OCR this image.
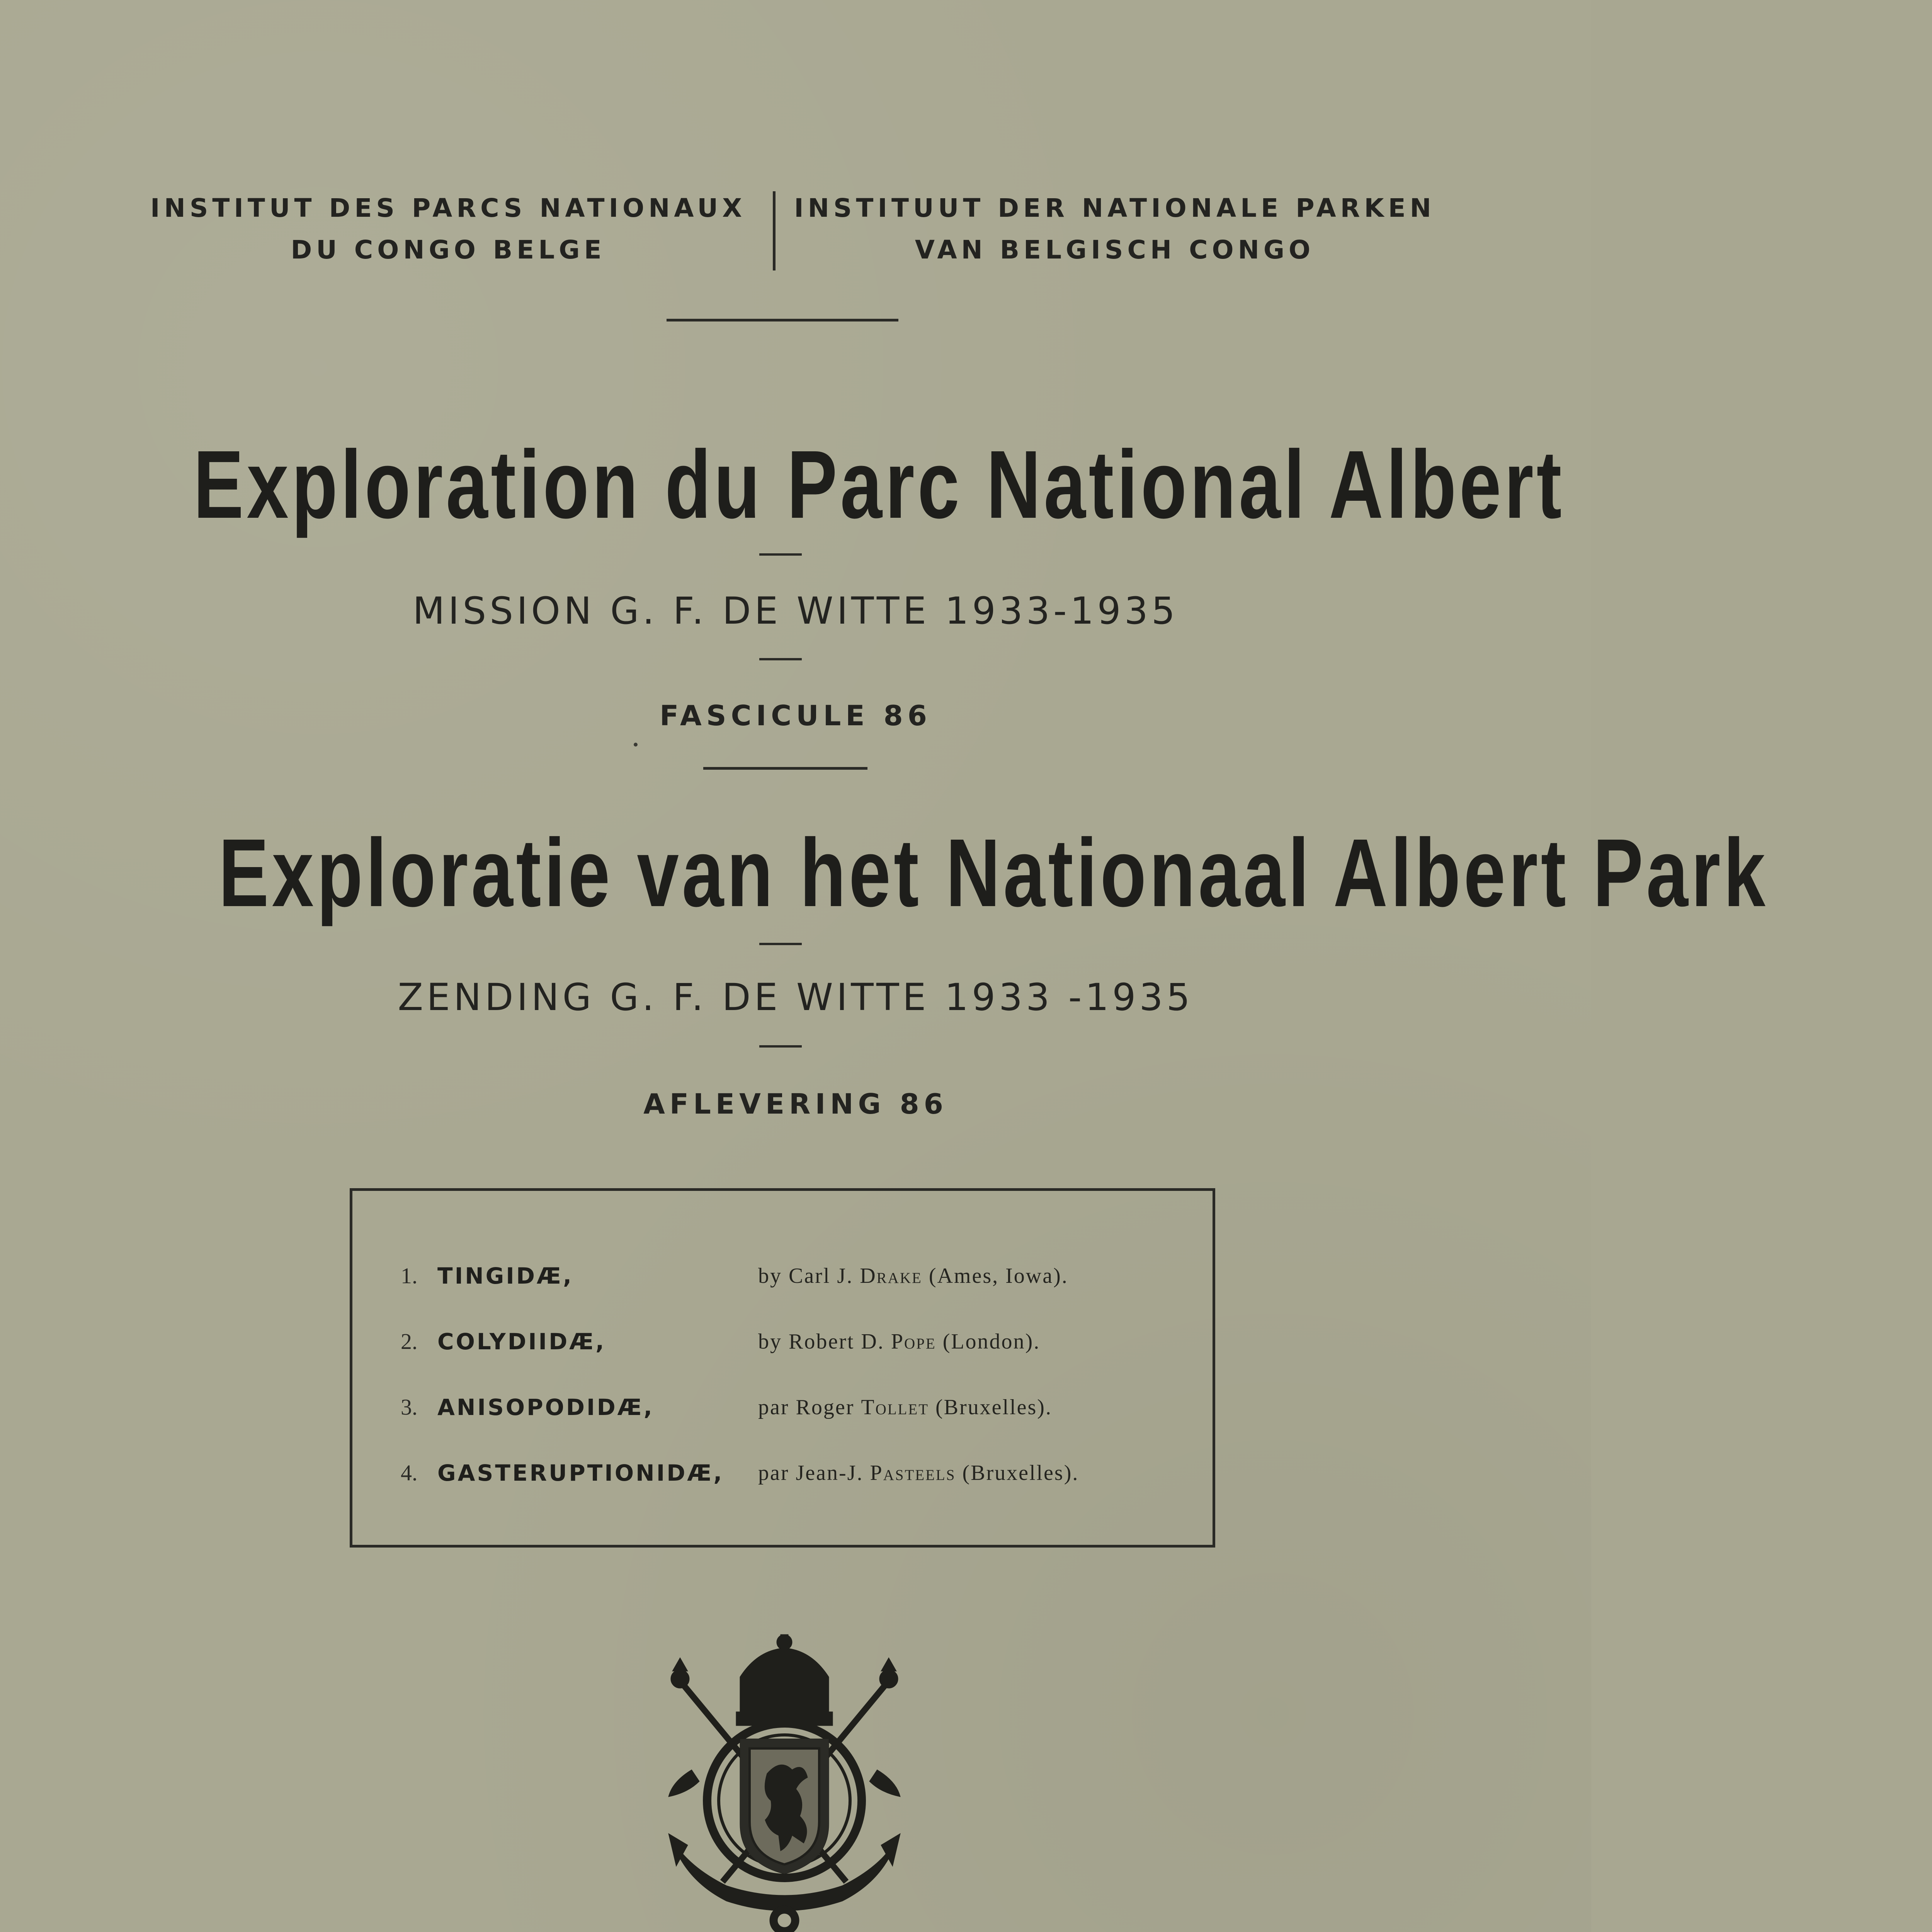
INSTITUT DES PARCS NATIONAUX
DU CONGO BELGE
INSTITUUT DER NATIONALE PARKEN
VAN BELGISCH CONGO
Exploration du Parc National Albert
MISSION G. F. DE WITTE 1933-1935
FASCICULE 86
Exploratie van het Nationaal Albert Park
ZENDING G. F. DE WITTE 1933 -1935
AFLEVERING 86
1. TINGIDÆ,	by Carl J. Drake (Ames, Iowa).
2. COLYDIIDÆ,	by Robert D. Pope (London).
3. ANISOPODIDÆ,	par Roger Tollet (Bruxelles).
4. GASTERUPTIONIDÆ, par Jean-J. Pasteels (Bruxelles).
